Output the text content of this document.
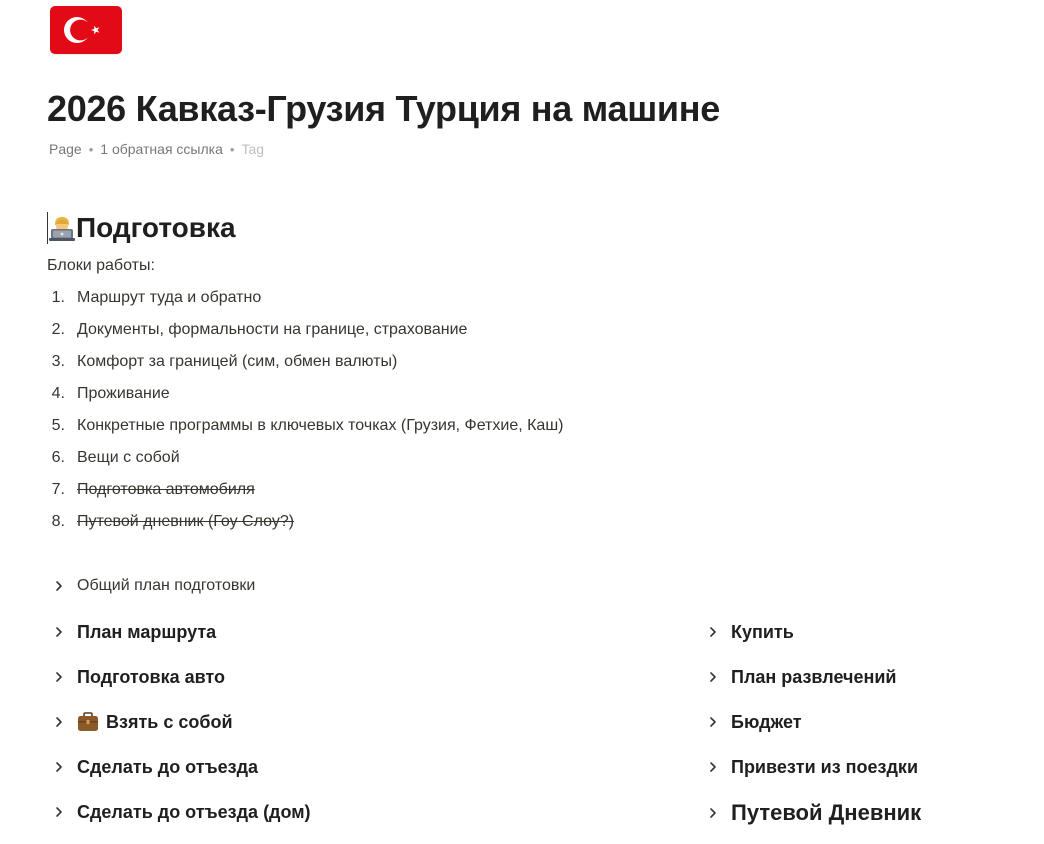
2026 Кавказ-Грузия Турция на машине
Page • 1 обратная ссылка • Tag
Подготовка
Блоки работы:
1. Маршрут туда и обратно
2. Документы, формальности на границе, страхование
3. Комфорт за границей (сим, обмен валюты)
4. Проживание
5. Конкретные программы в ключевых точках (Грузия, Фетхие, Каш)
6. Вещи с собой
7. Подготовка автомобиля
8. Путевой дневник (Гоу Слоу?)
Общий план подготовки
План маршрута
Подготовка авто
Взять с собой
Сделать до отъезда
Сделать до отъезда (дом)
Купить
План развлечений
Бюджет
Привезти из поездки
Путевой Дневник
